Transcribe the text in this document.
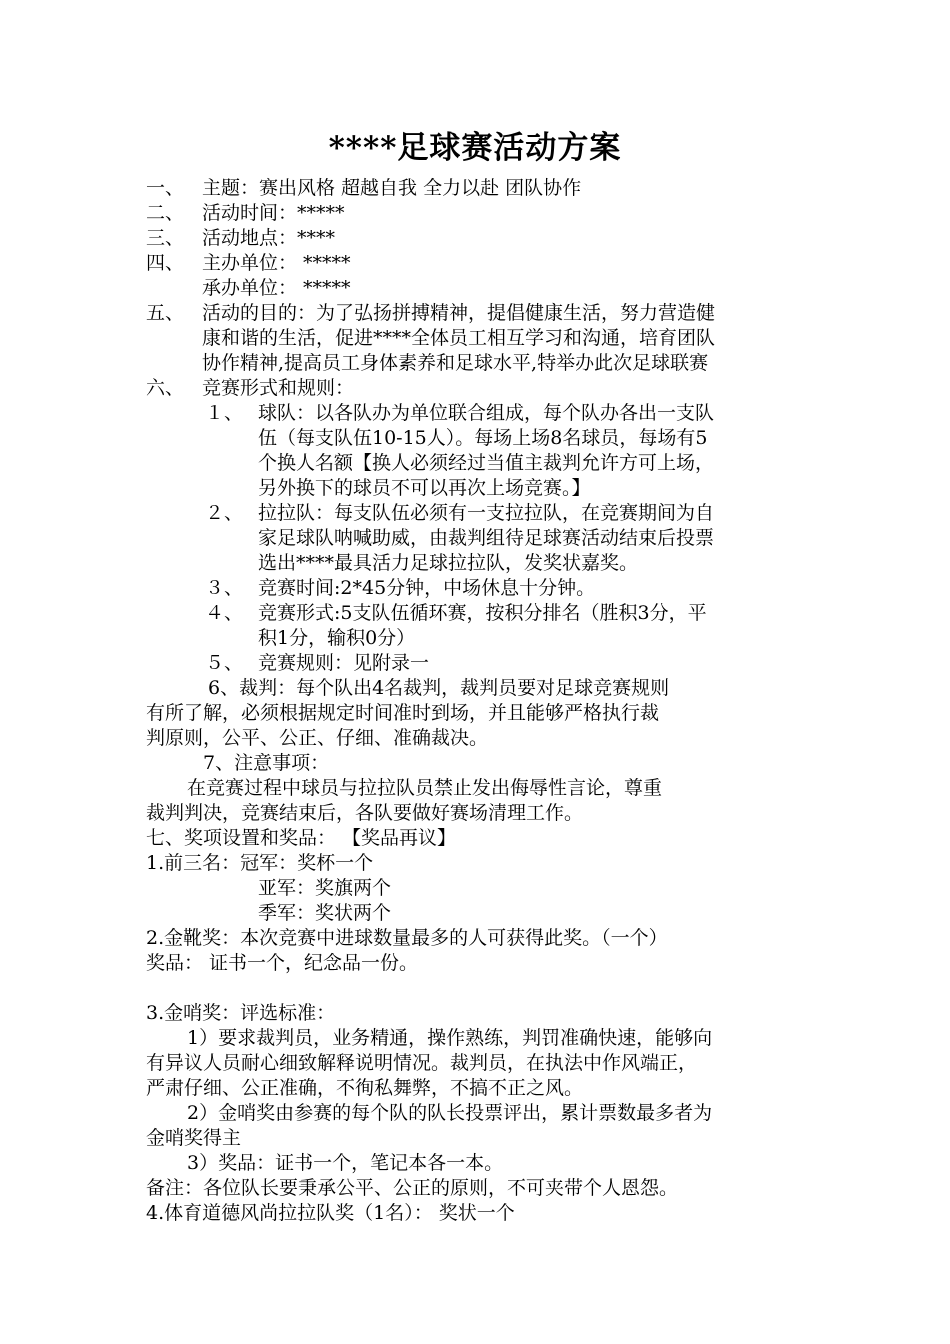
****足球赛活动方案
一、 主题：赛出风格 超越自我 全力以赴 团队协作
二、 活动时间：*****
三、 活动地点：****
四、 主办单位： *****
承办单位： *****
五、 活动的目的：为了弘扬拼搏精神，提倡健康生活，努力营造健
康和谐的生活，促进****全体员工相互学习和沟通，培育团队
协作精神,提高员工身体素养和足球水平,特举办此次足球联赛
六、 竞赛形式和规则：
１、 球队：以各队办为单位联合组成，每个队办各出一支队
伍（每支队伍10-15人）。每场上场8名球员，每场有5
个换人名额【换人必须经过当值主裁判允许方可上场，
另外换下的球员不可以再次上场竞赛。】
２、 拉拉队：每支队伍必须有一支拉拉队，在竞赛期间为自
家足球队呐喊助威，由裁判组待足球赛活动结束后投票
选出****最具活力足球拉拉队，发奖状嘉奖。
３、 竞赛时间:2*45分钟，中场休息十分钟。
４、 竞赛形式:5支队伍循环赛，按积分排名（胜积3分，平
积1分，输积0分）
５、 竞赛规则：见附录一
6、裁判：每个队出4名裁判，裁判员要对足球竞赛规则
有所了解，必须根据规定时间准时到场，并且能够严格执行裁
判原则，公平、公正、仔细、准确裁决。
7、注意事项：
在竞赛过程中球员与拉拉队员禁止发出侮辱性言论，尊重
裁判判决，竞赛结束后，各队要做好赛场清理工作。
七、奖项设置和奖品： 【奖品再议】
1.前三名：冠军：奖杯一个
亚军：奖旗两个
季军：奖状两个
2.金靴奖：本次竞赛中进球数量最多的人可获得此奖。（一个）
奖品： 证书一个，纪念品一份。
3.金哨奖：评选标准：
1）要求裁判员，业务精通，操作熟练，判罚准确快速，能够向
有异议人员耐心细致解释说明情况。裁判员，在执法中作风端正，
严肃仔细、公正准确，不徇私舞弊，不搞不正之风。
2）金哨奖由参赛的每个队的队长投票评出，累计票数最多者为
金哨奖得主
3）奖品：证书一个，笔记本各一本。
备注：各位队长要秉承公平、公正的原则，不可夹带个人恩怨。
4.体育道德风尚拉拉队奖（1名）： 奖状一个
